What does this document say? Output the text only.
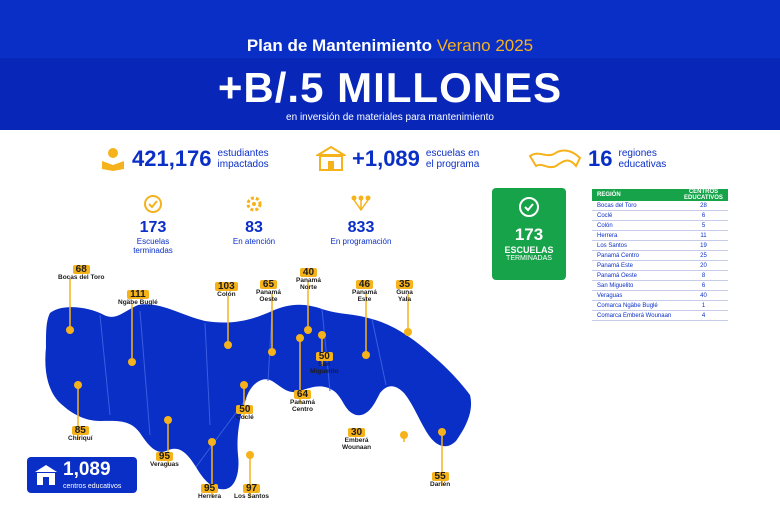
Plan de Mantenimiento Verano 2025
+B/.5 MILLONES
en inversión de materiales para mantenimiento
421,176 estudiantes
impactados	+1,089 escuelas en
el programa	16 regiones
educativas
173
Escuelas
terminadas
83
En atención
833
En programación	173
ESCUELAS
TERMINADAS
REGIÓN	CENTROS EDUCATIVOS
Bocas del Toro	28
Coclé	6
Colón	5
Herrera	11
Los Santos	19
Panamá Centro	25
Panamá Este	20
Panamá Oeste	8
San Miguelito	6
Veraguas	40
Comarca Ngäbe Buglé	1
Comarca Emberá Wounaan	4
68
Bocas del Toro
111
Ngäbe Buglé
103
Colón
65
Panamá
Oeste
40
Panamá
Norte	46
Panamá
Este
35
Guna
Yala
50
San
Miguelito
64
Panamá
Centro
50
Coclé
85
Chiriquí
95
Veraguas
95
Herrera
97
Los Santos
30
Emberá
Wounaan
55
Darién
1,089
centros educativos
